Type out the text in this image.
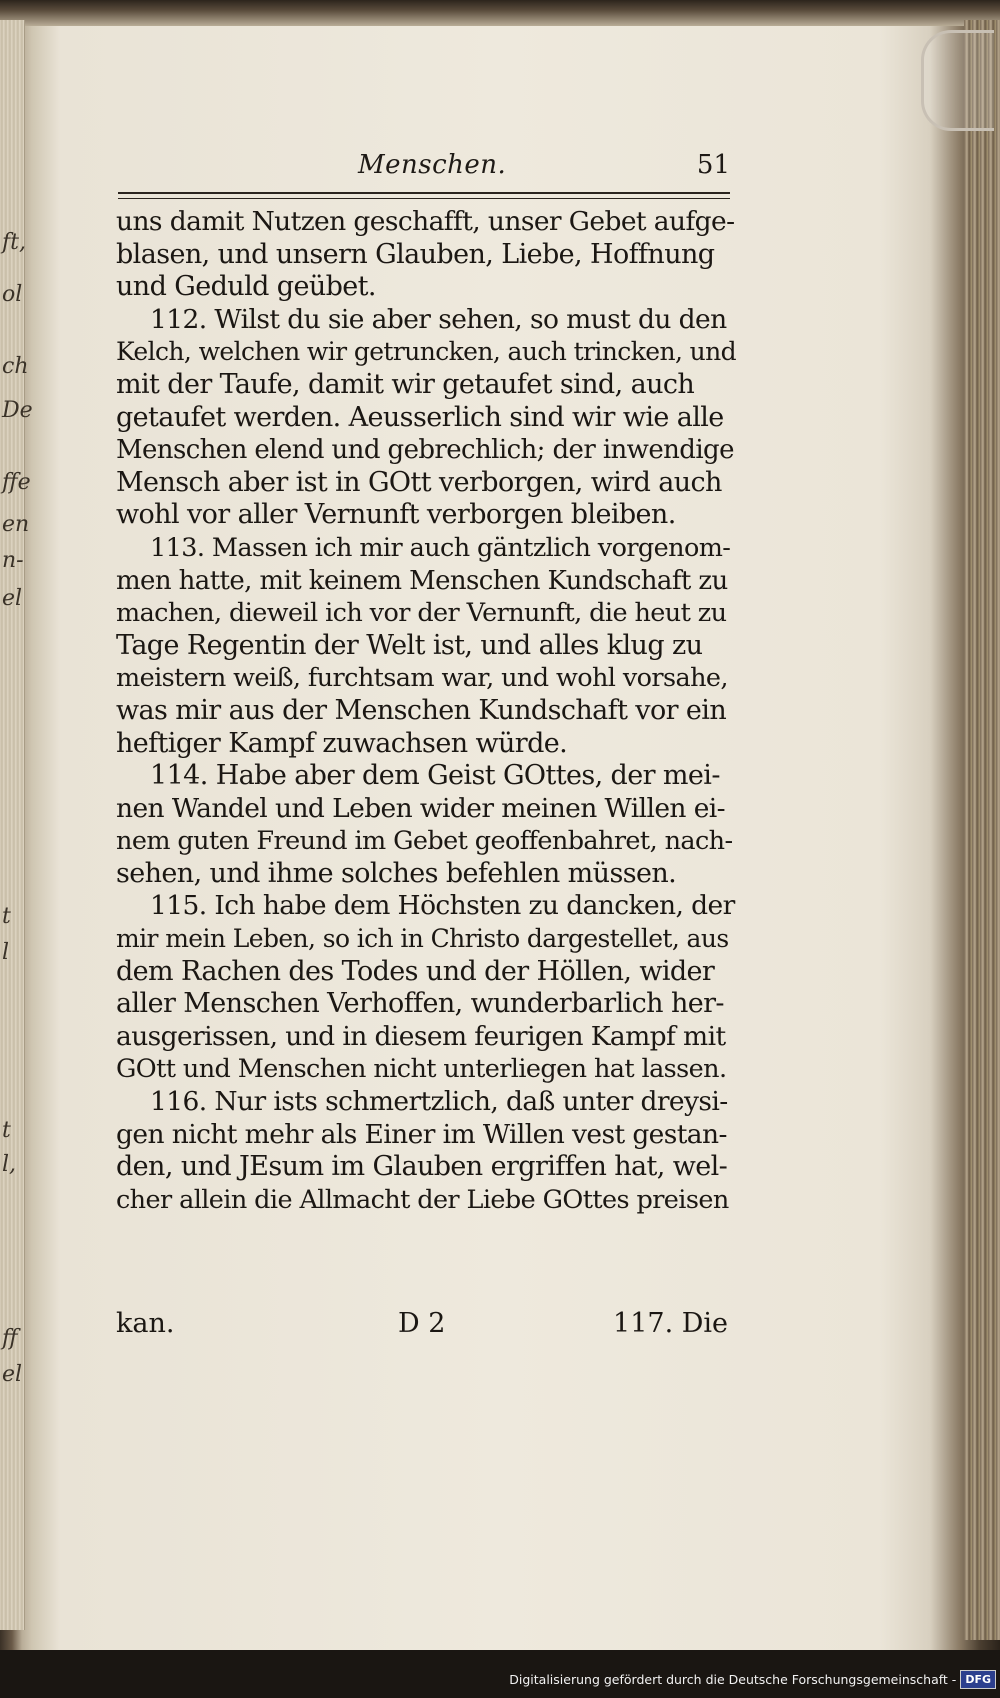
ft,
ol
ch
De
ffe
en
n-
el
t
l
t
l,
ff
el
Menschen.	51
uns damit Nutzen geschafft, unser Gebet aufge-
blasen, und unsern Glauben, Liebe, Hoffnung
und Geduld geübet.
112. Wilst du sie aber sehen, so must du den
Kelch, welchen wir getruncken, auch trincken, und
mit der Taufe, damit wir getaufet sind, auch
getaufet werden. Aeusserlich sind wir wie alle
Menschen elend und gebrechlich; der inwendige
Mensch aber ist in GOtt verborgen, wird auch
wohl vor aller Vernunft verborgen bleiben.
113. Massen ich mir auch gäntzlich vorgenom-
men hatte, mit keinem Menschen Kundschaft zu
machen, dieweil ich vor der Vernunft, die heut zu
Tage Regentin der Welt ist, und alles klug zu
meistern weiß, furchtsam war, und wohl vorsahe,
was mir aus der Menschen Kundschaft vor ein
heftiger Kampf zuwachsen würde.
114. Habe aber dem Geist GOttes, der mei-
nen Wandel und Leben wider meinen Willen ei-
nem guten Freund im Gebet geoffenbahret, nach-
sehen, und ihme solches befehlen müssen.
115. Ich habe dem Höchsten zu dancken, der
mir mein Leben, so ich in Christo dargestellet, aus
dem Rachen des Todes und der Höllen, wider
aller Menschen Verhoffen, wunderbarlich her-
ausgerissen, und in diesem feurigen Kampf mit
GOtt und Menschen nicht unterliegen hat lassen.
116. Nur ists schmertzlich, daß unter dreysi-
gen nicht mehr als Einer im Willen vest gestan-
den, und JEsum im Glauben ergriffen hat, wel-
cher allein die Allmacht der Liebe GOttes preisen
kan.	D 2	117. Die
Digitalisierung gefördert durch die Deutsche Forschungsgemeinschaft - DFG
